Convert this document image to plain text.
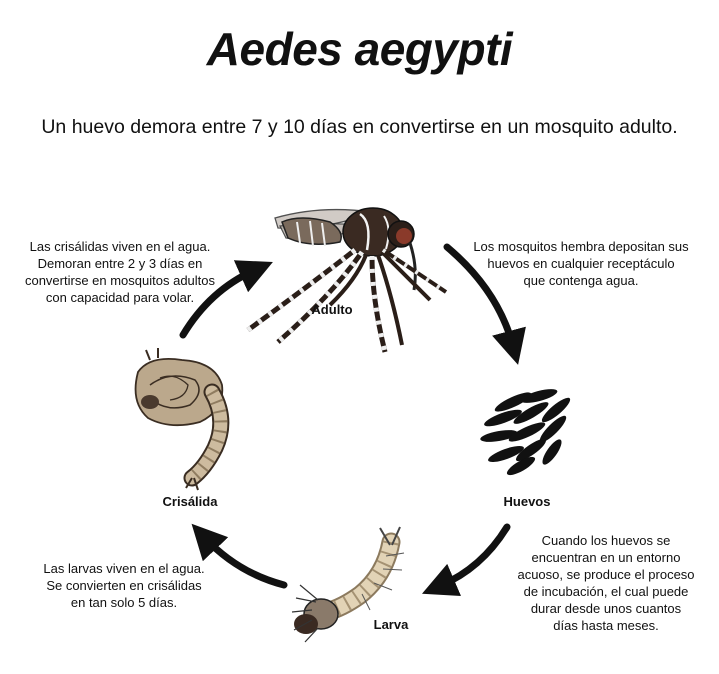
Aedes aegypti
Un huevo demora entre 7 y 10 días en convertirse en un mosquito adulto.
Adulto
Huevos
Larva
Crisálida
Los mosquitos hembra depositan sus
huevos en cualquier receptáculo
que contenga agua.
Cuando los huevos se
encuentran en un entorno
acuoso, se produce el proceso
de incubación, el cual puede
durar desde unos cuantos
días hasta meses.
Las larvas viven en el agua.
Se convierten en crisálidas
en tan solo 5 días.
Las crisálidas viven en el agua.
Demoran entre 2 y 3 días en
convertirse en mosquitos adultos
con capacidad para volar.
